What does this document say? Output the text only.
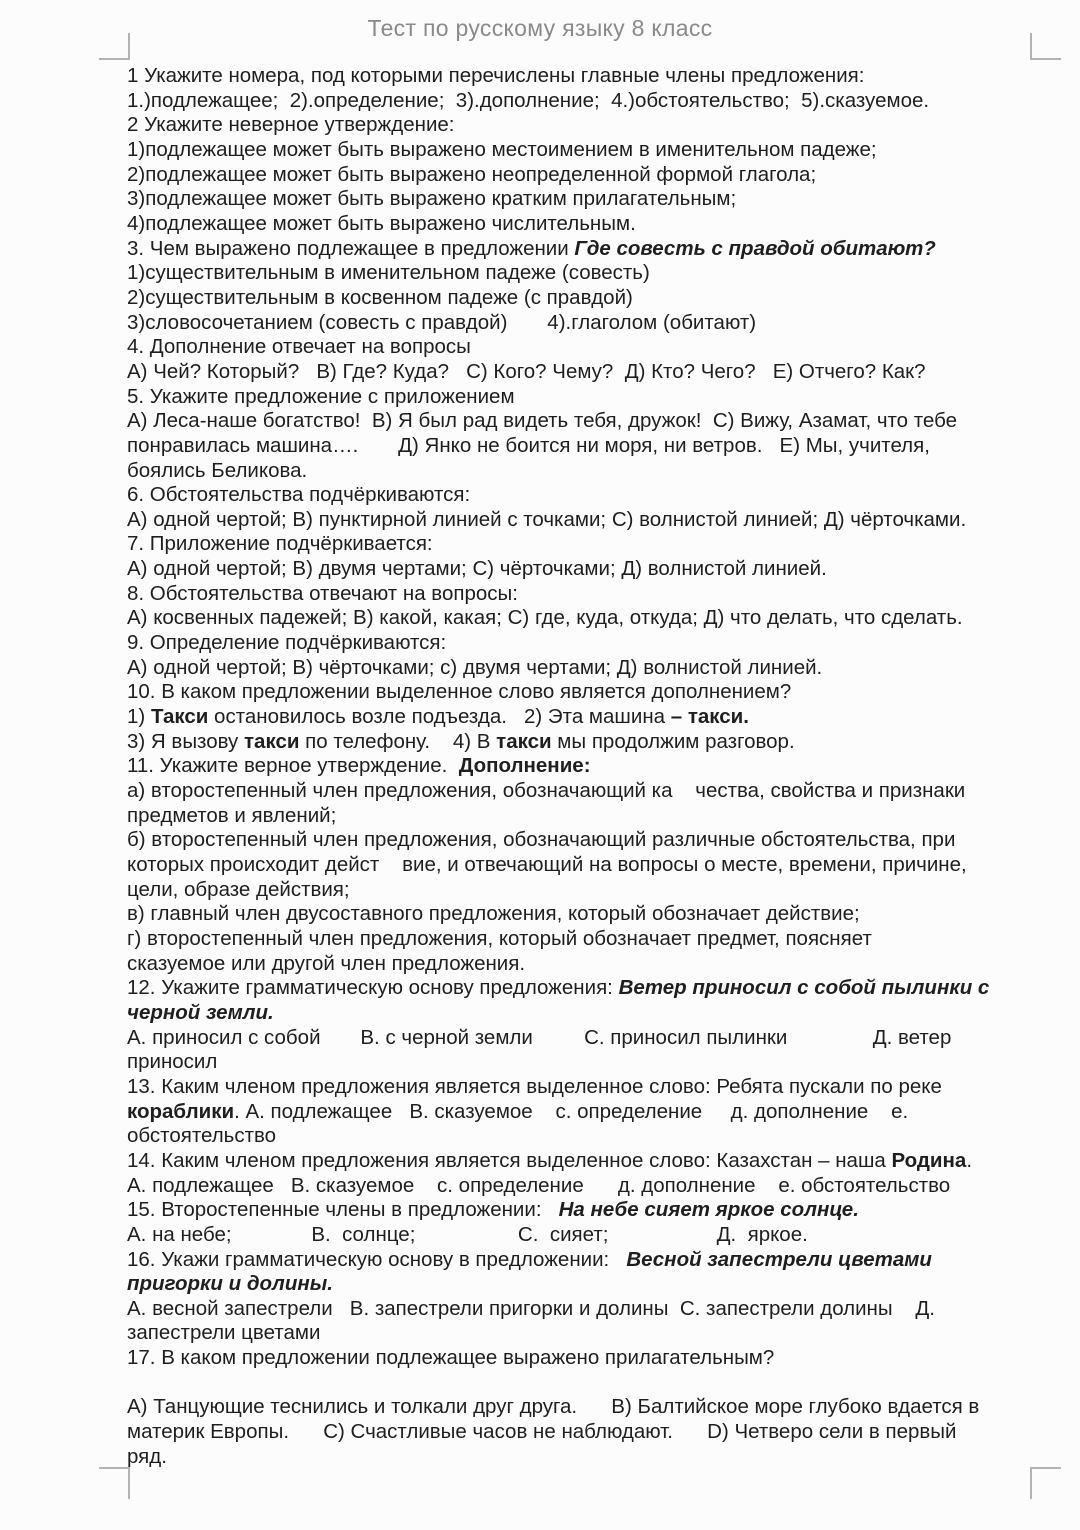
Тест по русскому языку 8 класс
1 Укажите номера, под которыми перечислены главные члены предложения:
1.)подлежащее;  2).определение;  3).дополнение;  4.)обстоятельство;  5).сказуемое.
2 Укажите неверное утверждение:
1)подлежащее может быть выражено местоимением в именительном падеже;
2)подлежащее может быть выражено неопределенной формой глагола;
3)подлежащее может быть выражено кратким прилагательным;
4)подлежащее может быть выражено числительным.
3. Чем выражено подлежащее в предложении Где совесть с правдой обитают?
1)существительным в именительном падеже (совесть)
2)существительным в косвенном падеже (с правдой)
3)словосочетанием (совесть с правдой)       4).глаголом (обитают)
4. Дополнение отвечает на вопросы
А) Чей? Который?   В) Где? Куда?   С) Кого? Чему?  Д) Кто? Чего?   Е) Отчего? Как?
5. Укажите предложение с приложением
А) Леса-наше богатство!  В) Я был рад видеть тебя, дружок!  С) Вижу, Азамат, что тебе
понравилась машина….       Д) Янко не боится ни моря, ни ветров.   Е) Мы, учителя,
боялись Беликова.
6. Обстоятельства подчёркиваются:
А) одной чертой; В) пунктирной линией с точками; С) волнистой линией; Д) чёрточками.
7. Приложение подчёркивается:
А) одной чертой; В) двумя чертами; С) чёрточками; Д) волнистой линией.
8. Обстоятельства отвечают на вопросы:
А) косвенных падежей; В) какой, какая; С) где, куда, откуда; Д) что делать, что сделать.
9. Определение подчёркиваются:
А) одной чертой; В) чёрточками; с) двумя чертами; Д) волнистой линией.
10. В каком предложении выделенное слово является дополнением?
1) Такси остановилось возле подъезда.   2) Эта машина – такси.
3) Я вызову такси по телефону.    4) В такси мы продолжим разговор.
11. Укажите верное утверждение.  Дополнение:
а) второстепенный член предложения, обозначающий ка    чества, свойства и признаки
предметов и явлений;
б) второстепенный член предложения, обозначающий различные обстоятельства, при
которых происходит дейст    вие, и отвечающий на вопросы о месте, времени, причине,
цели, образе действия;
в) главный член двусоставного предложения, который обозначает действие;
г) второстепенный член предложения, который обозначает предмет, поясняет
сказуемое или другой член предложения.
12. Укажите грамматическую основу предложения: Ветер приносил с собой пылинки с
черной земли.
А. приносил с собой       В. с черной земли         С. приносил пылинки               Д. ветер
приносил
13. Каким членом предложения является выделенное слово: Ребята пускали по реке
кораблики. А. подлежащее   В. сказуемое    с. определение     д. дополнение    е.
обстоятельство
14. Каким членом предложения является выделенное слово: Казахстан – наша Родина.
А. подлежащее   В. сказуемое    с. определение      д. дополнение    е. обстоятельство
15. Второстепенные члены в предложении:   На небе сияет яркое солнце.
А. на небе;              В.  солнце;                  С.  сияет;                   Д.  яркое.
16. Укажи грамматическую основу в предложении:   Весной запестрели цветами
пригорки и долины.
А. весной запестрели   В. запестрели пригорки и долины  С. запестрели долины    Д.
запестрели цветами
17. В каком предложении подлежащее выражено прилагательным?
А) Танцующие теснились и толкали друг друга.      В) Балтийское море глубоко вдается в
материк Европы.      С) Счастливые часов не наблюдают.      D) Четверо сели в первый
ряд.
